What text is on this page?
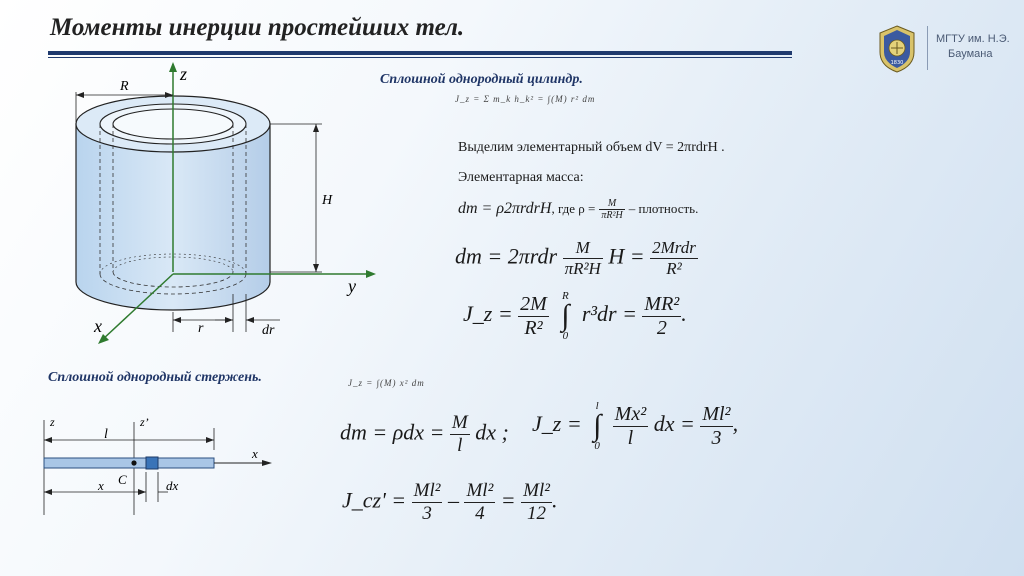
Моменты инерции простейших тел.
1830
МГТУ им. Н.Э.
Баумана
z
y
x
R
H
r	dr
Сплошной однородный цилиндр.
J_z = Σ m_k h_k² = ∫(M) r² dm
Выделим элементарный объем dV = 2πrdrH .
Элементарная масса:
dm = ρ2πrdrH, где $\rho = \frac{M}{\text{πR²H}}$ – плотность.
dm = $2\pi rdr \frac{M}{\text{πR²H}}$ $H = \frac{\text{2Mrdr}}{\text{R²}}$
J_z = $\frac{2M}{\text{R²}}$
	R
∫
0
$r^3dr = \frac{\text{MR²}}{2}$ .
Сплошной однородный стержень.	J_z = ∫(M) x² dm
z	z’
l
x
C
x	dx
dm = $\rho dx = \frac{M}{l}$ dx ; J_z =
l
∫
0
$\frac{\text{Mx²}}{l}$ dx = $\frac{\text{Ml²}}{3}$ ,
J_cz' = $\frac{\text{Ml²}}{3} - \frac{\text{Ml²}}{4} = \frac{\text{Ml²}}{12}$ .
